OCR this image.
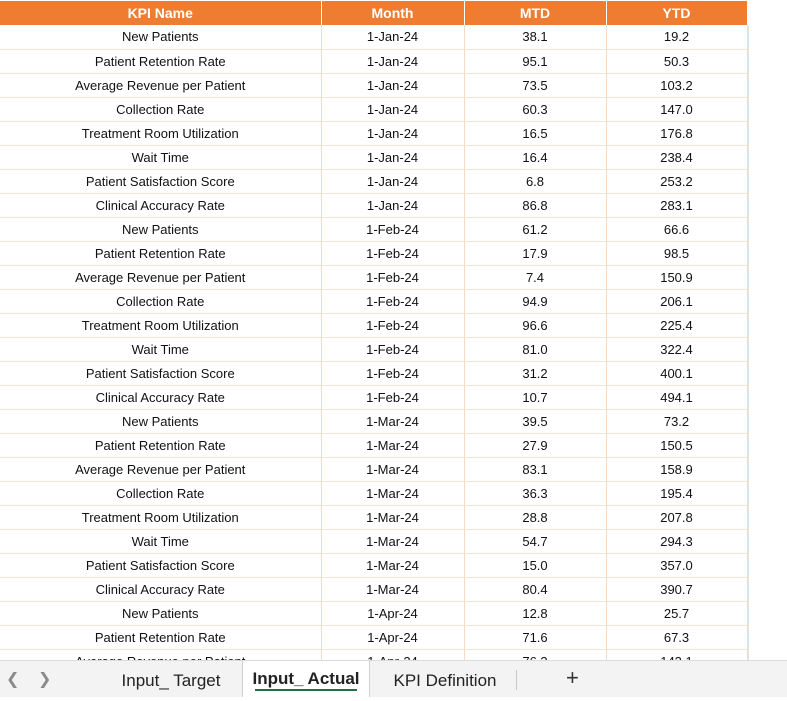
KPI Name	Month	MTD	YTD
New Patients	1-Jan-24	38.1	19.2
Patient Retention Rate	1-Jan-24	95.1	50.3
Average Revenue per Patient	1-Jan-24	73.5	103.2
Collection Rate	1-Jan-24	60.3	147.0
Treatment Room Utilization	1-Jan-24	16.5	176.8
Wait Time	1-Jan-24	16.4	238.4
Patient Satisfaction Score	1-Jan-24	6.8	253.2
Clinical Accuracy Rate	1-Jan-24	86.8	283.1
New Patients	1-Feb-24	61.2	66.6
Patient Retention Rate	1-Feb-24	17.9	98.5
Average Revenue per Patient	1-Feb-24	7.4	150.9
Collection Rate	1-Feb-24	94.9	206.1
Treatment Room Utilization	1-Feb-24	96.6	225.4
Wait Time	1-Feb-24	81.0	322.4
Patient Satisfaction Score	1-Feb-24	31.2	400.1
Clinical Accuracy Rate	1-Feb-24	10.7	494.1
New Patients	1-Mar-24	39.5	73.2
Patient Retention Rate	1-Mar-24	27.9	150.5
Average Revenue per Patient	1-Mar-24	83.1	158.9
Collection Rate	1-Mar-24	36.3	195.4
Treatment Room Utilization	1-Mar-24	28.8	207.8
Wait Time	1-Mar-24	54.7	294.3
Patient Satisfaction Score	1-Mar-24	15.0	357.0
Clinical Accuracy Rate	1-Mar-24	80.4	390.7
New Patients	1-Apr-24	12.8	25.7
Patient Retention Rate	1-Apr-24	71.6	67.3

❮ ❯	Input_ Target	Input_ Actual	KPI Definition	+
